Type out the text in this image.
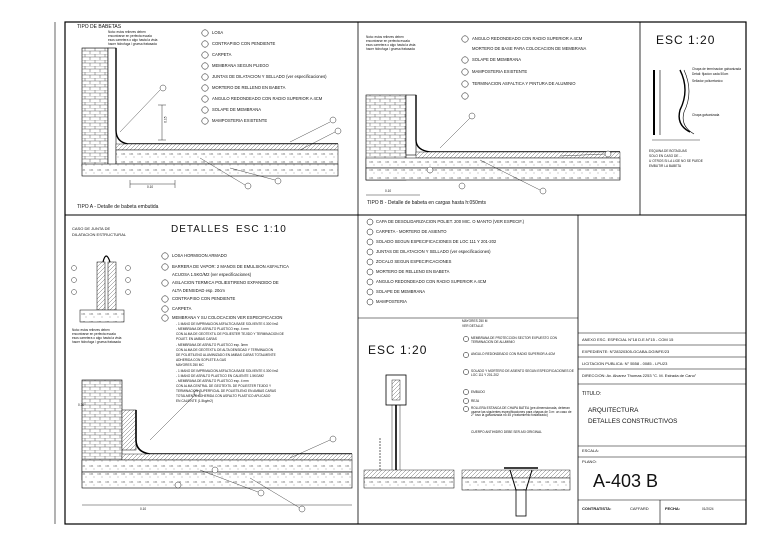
TIPO DE BABETAS
Nota: estos relieves deben
encontrarse en perfecta escala
esos carretera o algo hasta la vista
hacer hidrofuga / gruesa fratasada
0.15
0.10
LOSA
CONTRAPISO CON PENDIENTE
CARPETA
MEMBRANA SEGUN PLIEGO
JUNTAS DE DILATACION Y SELLADO (ver especificaciones)
MORTERO DE RELLENO EN BABETA
ANGULO REDONDEADO CON RADIO SUPERIOR A 4CM
SOLAPE DE MEMBRANA
MAMPOSTERIA EXISTENTE
TIPO A - Detalle de babeta embutida
Nota: estos relieves deben
encontrarse en perfecta escala
esos carretera o algo hasta la vista
hacer hidrofuga / gruesa fratasada
0.10
ANGULO REDONDEADO CON RADIO SUPERIOR A 4CM
MORTERO DE BASE PARA COLOCACION DE MEMBRANA
SOLAPE DE MEMBRANA
MAMPOSTERIA EXISTENTE
TERMINACION ASFALTICA Y PINTURA DE ALUMINIO
TIPO B - Detalle de babeta en cargas hasta h:050mts
ESC 1:20
Chapa de terminacion galvanizada
Detail: fijacion cada 50cm
Sellador poliuretanico
Chapa galvanizada
ESQUINA DE BOTAGUAS
SOLO EN CASO DE ...
U OTROS SI LA LIGE NO SE PUEDE
EMBUTIR LA BABETA
CASO DE JUNTA DE
DILATACION ESTRUCTURAL	DETALLES ESC 1:10
Nota: estos relieves deben
encontrarse en perfecta escala
esos carretera o algo hasta la vista
hacer hidrofuga / gruesa fratasada
LOSA HORMIGON ARMADO
BARRERA DE VAPOR: 2 MANOS DE EMULSION ASFALTICA
ACUOSA 1.5KG/M2 (ver especificaciones)
AISLACION TERMICA POLIESTIRENO EXPANDIDO DE
ALTA DENSIDAD esp. 20cm
CONTRAPISO CON PENDIENTE
CARPETA
MEMBRANA Y SU COLOCACION VER ESPECIFICACION
- 1 MANO DE IMPRIMACION ASFALTICA BASE SOLVENTE 0.300 l/m2
- MEMBRANA DE ASFALTO PLASTICO esp. 4 mm
CON ALMA DE GEOTEXTIL DE POLIESTER TEJIDO Y TERMINACION DE
POLIET. EN AMBAS CARAS
- MEMBRANA DE ASFALTO PLASTICO esp. 3mm
CON ALMA DE GEOTEXTIL DE ALTA DENSIDAD Y TERMINACION
DE POLIETILENO ALUMINIZADO EN AMBAS CARAS TOTALMENTE
ADHERIDA CON SOPLETE A GAS
MAYORES 250 MC
- 1 MANO DE IMPRIMACION ASFALTICA BASE SOLVENTE 0.300 l/m2
- 1 MANO DE ASFALTO PLASTICO EN CALIENTE 1.5KG/M2
- MEMBRANA DE ASFALTO PLASTICO esp. 4 mm
CON ALMA CENTRAL DE GEOTEXTIL DE POLIESTER TEJIDO Y
TERMINACION SUPERFICIAL DE POLIETILENO EN AMBAS CARAS
TOTALMENTE ADHERIDA CON ASFALTO PLASTICO APLICADO
EN CALIENTE (1.5kg/m2)
0.10
0.10
CAPA DE DESOLIDARIZACION POLIET. 200 MIC. O MANTO (VER ESPECIF.)
CARPETA - MORTERO DE ASIENTO
SOLADO SEGUN ESPECIFICACIONES DE LOC 111 Y 201-202
JUNTAS DE DILATACION Y SELLADO (ver especificaciones)
ZOCALO SEGUN ESPECIFICACIONES
MORTERO DE RELLENO EN BABETA
ANGULO REDONDEADO CON RADIO SUPERIOR A 4CM
SOLAPE DE MEMBRANA
MAMPOSTERIA
ESC 1:20
MAYORES 250 M
VER DETALLE
MEMBRANA DE PROTECCION SECTOR EXPUESTO CON TERMINACION DE ALUMINIO
ANGULO REDONDEADO CON RADIO SUPERIOR A 4CM
SOLADO Y MORTERO DE ASIENTO SEGUN ESPECIFICACIONES DE LOC 111 Y 201-202
EMBUDO
REJA
ROLLERA ESTANCA DE CHAPA BATEA (pre-dimensionada, deberan usarse las siguientes especificaciones para chapas de 3 m: un caso de 2° tuvo la galvanizada no 45 y tratamiento fosfatizado)
CUERPO ANTIHIDRO DEBE SER ASI ORIGINAL
ANEXO ESC. ESPECIAL N°18 D.E.N°15 - COM 15
EXPEDIENTE: N°28320305-GCABA-DGINFE/23
LICITACION PUBLICA: N° 5558 - 0085 - LPU23
DIRECCION: Av. Alvarez Thomas 2253 "C. M. Estrada de Cano"
TITULO:
ARQUITECTURA
DETALLES CONSTRUCTIVOS
ESCALA:
PLANO:
A-403 B
CONTRATISTA:	CAFFARD	FECHA:	01/2024
